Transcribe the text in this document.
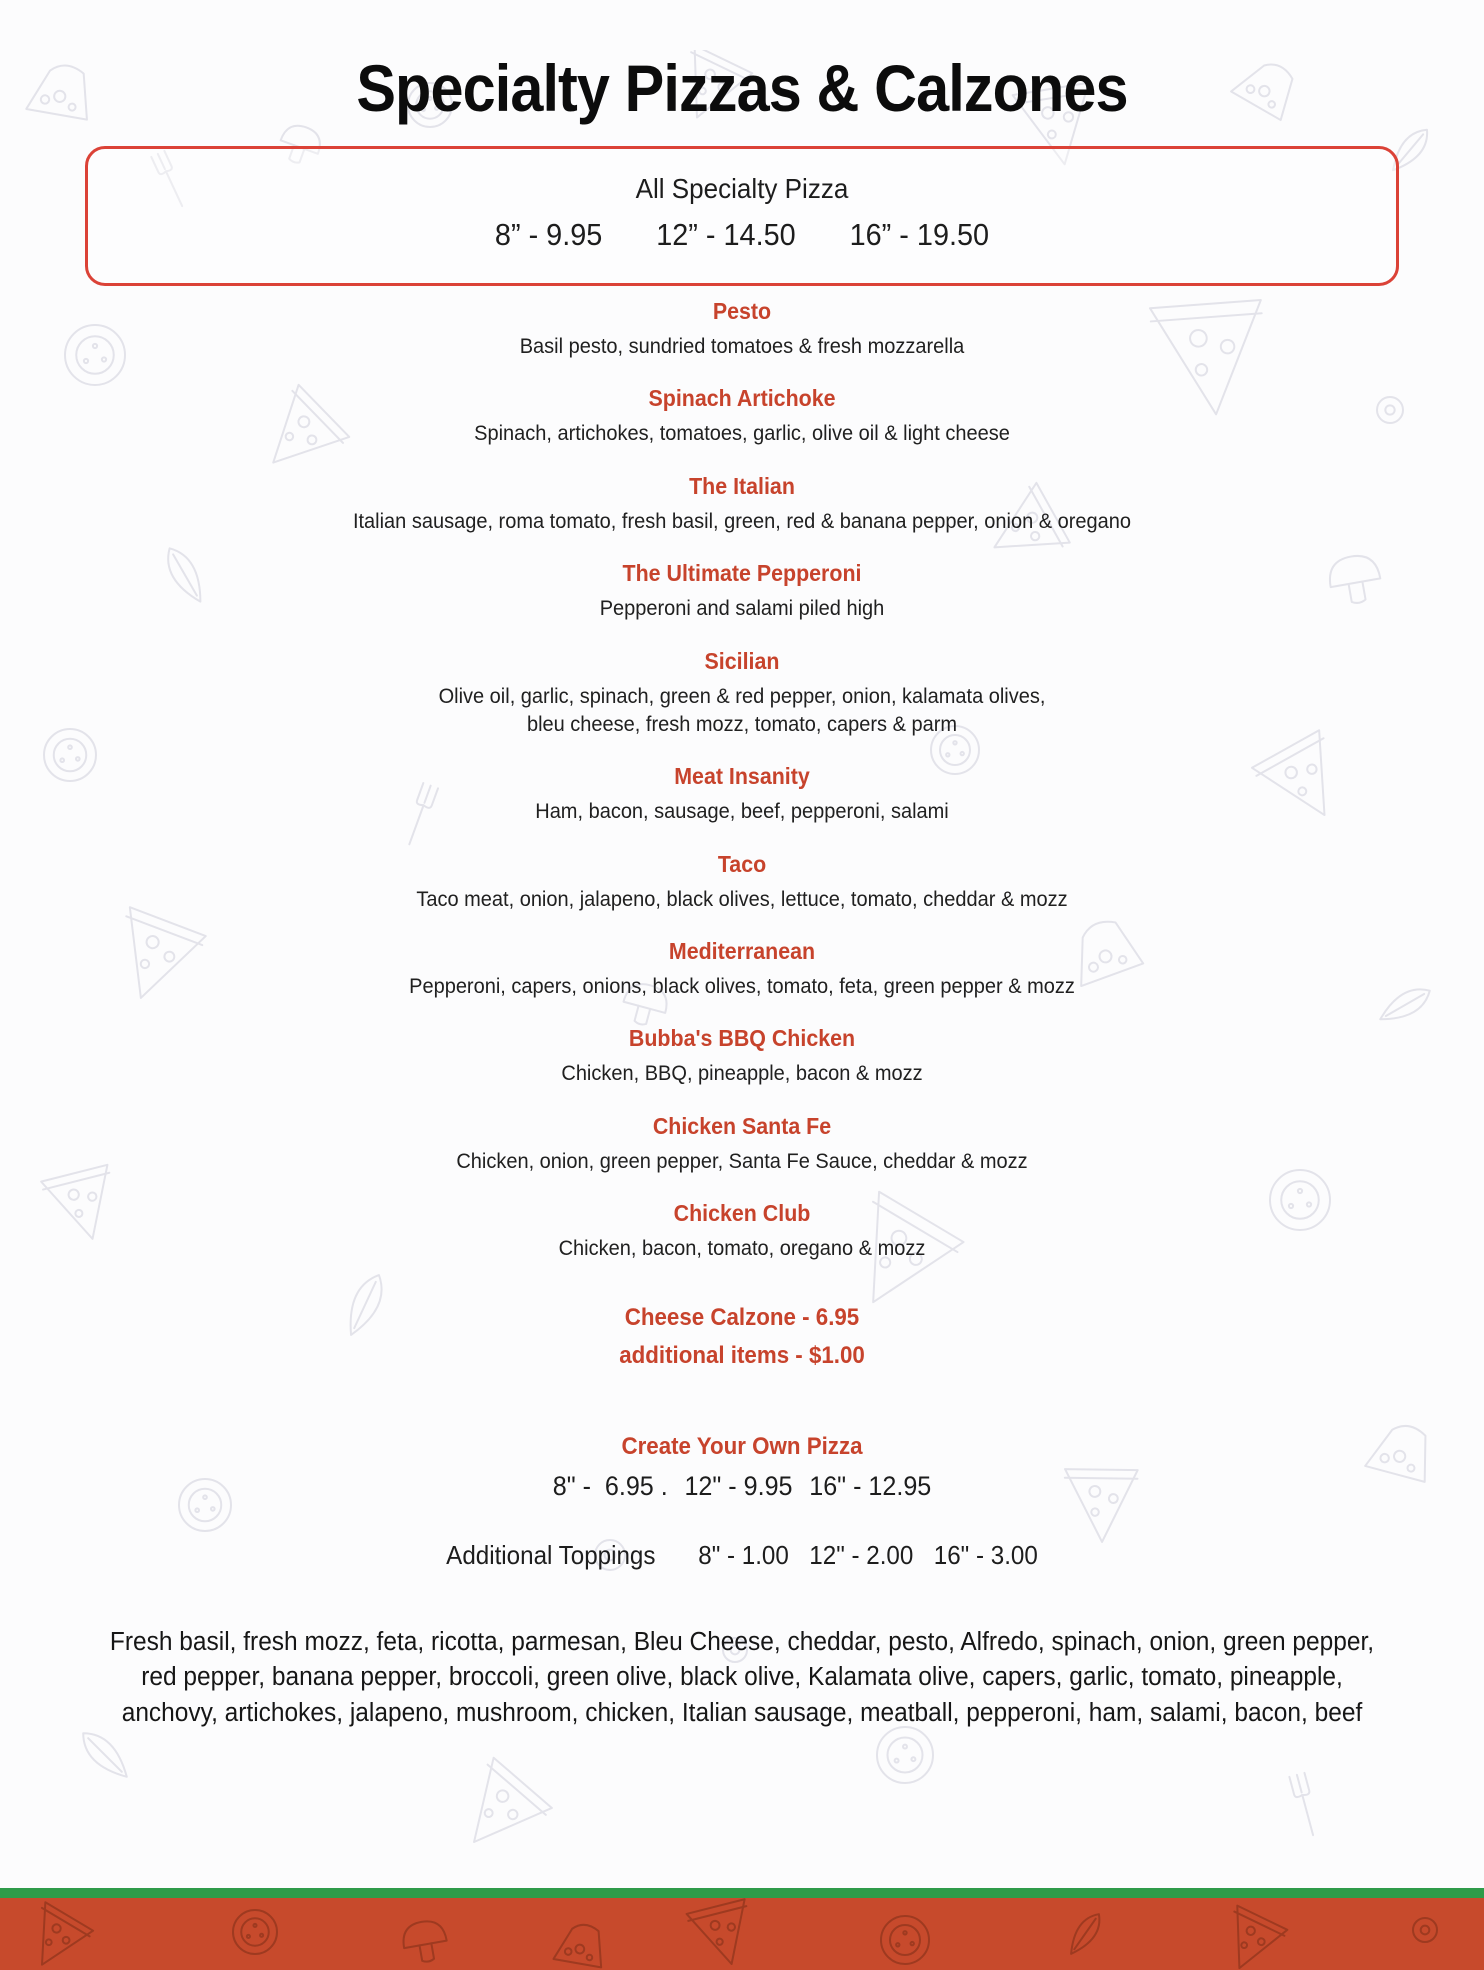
Specialty Pizzas & Calzones
All Specialty Pizza
8” - 9.95 12” - 14.50 16” - 19.50
Pesto
Basil pesto, sundried tomatoes & fresh mozzarella
Spinach Artichoke
Spinach, artichokes, tomatoes, garlic, olive oil & light cheese
The Italian
Italian sausage, roma tomato, fresh basil, green, red & banana pepper, onion & oregano
The Ultimate Pepperoni
Pepperoni and salami piled high
Sicilian
Olive oil, garlic, spinach, green & red pepper, onion, kalamata olives,
bleu cheese, fresh mozz, tomato, capers & parm
Meat Insanity
Ham, bacon, sausage, beef, pepperoni, salami
Taco
Taco meat, onion, jalapeno, black olives, lettuce, tomato, cheddar & mozz
Mediterranean
Pepperoni, capers, onions, black olives, tomato, feta, green pepper & mozz
Bubba's BBQ Chicken
Chicken, BBQ, pineapple, bacon & mozz
Chicken Santa Fe
Chicken, onion, green pepper, Santa Fe Sauce, cheddar & mozz
Chicken Club
Chicken, bacon, tomato, oregano & mozz
Cheese Calzone - 6.95
additional items - $1.00
Create Your Own Pizza
8" -  6.95 . 12" - 9.95 16" - 12.95
Additional Toppings 8" - 1.00 12" - 2.00 16" - 3.00

Fresh basil, fresh mozz, feta, ricotta, parmesan, Bleu Cheese, cheddar, pesto, Alfredo, spinach, onion, green pepper, red pepper, banana pepper, broccoli, green olive, black olive, Kalamata olive, capers, garlic, tomato, pineapple, anchovy, artichokes, jalapeno, mushroom, chicken, Italian sausage, meatball, pepperoni, ham, salami, bacon, beef
